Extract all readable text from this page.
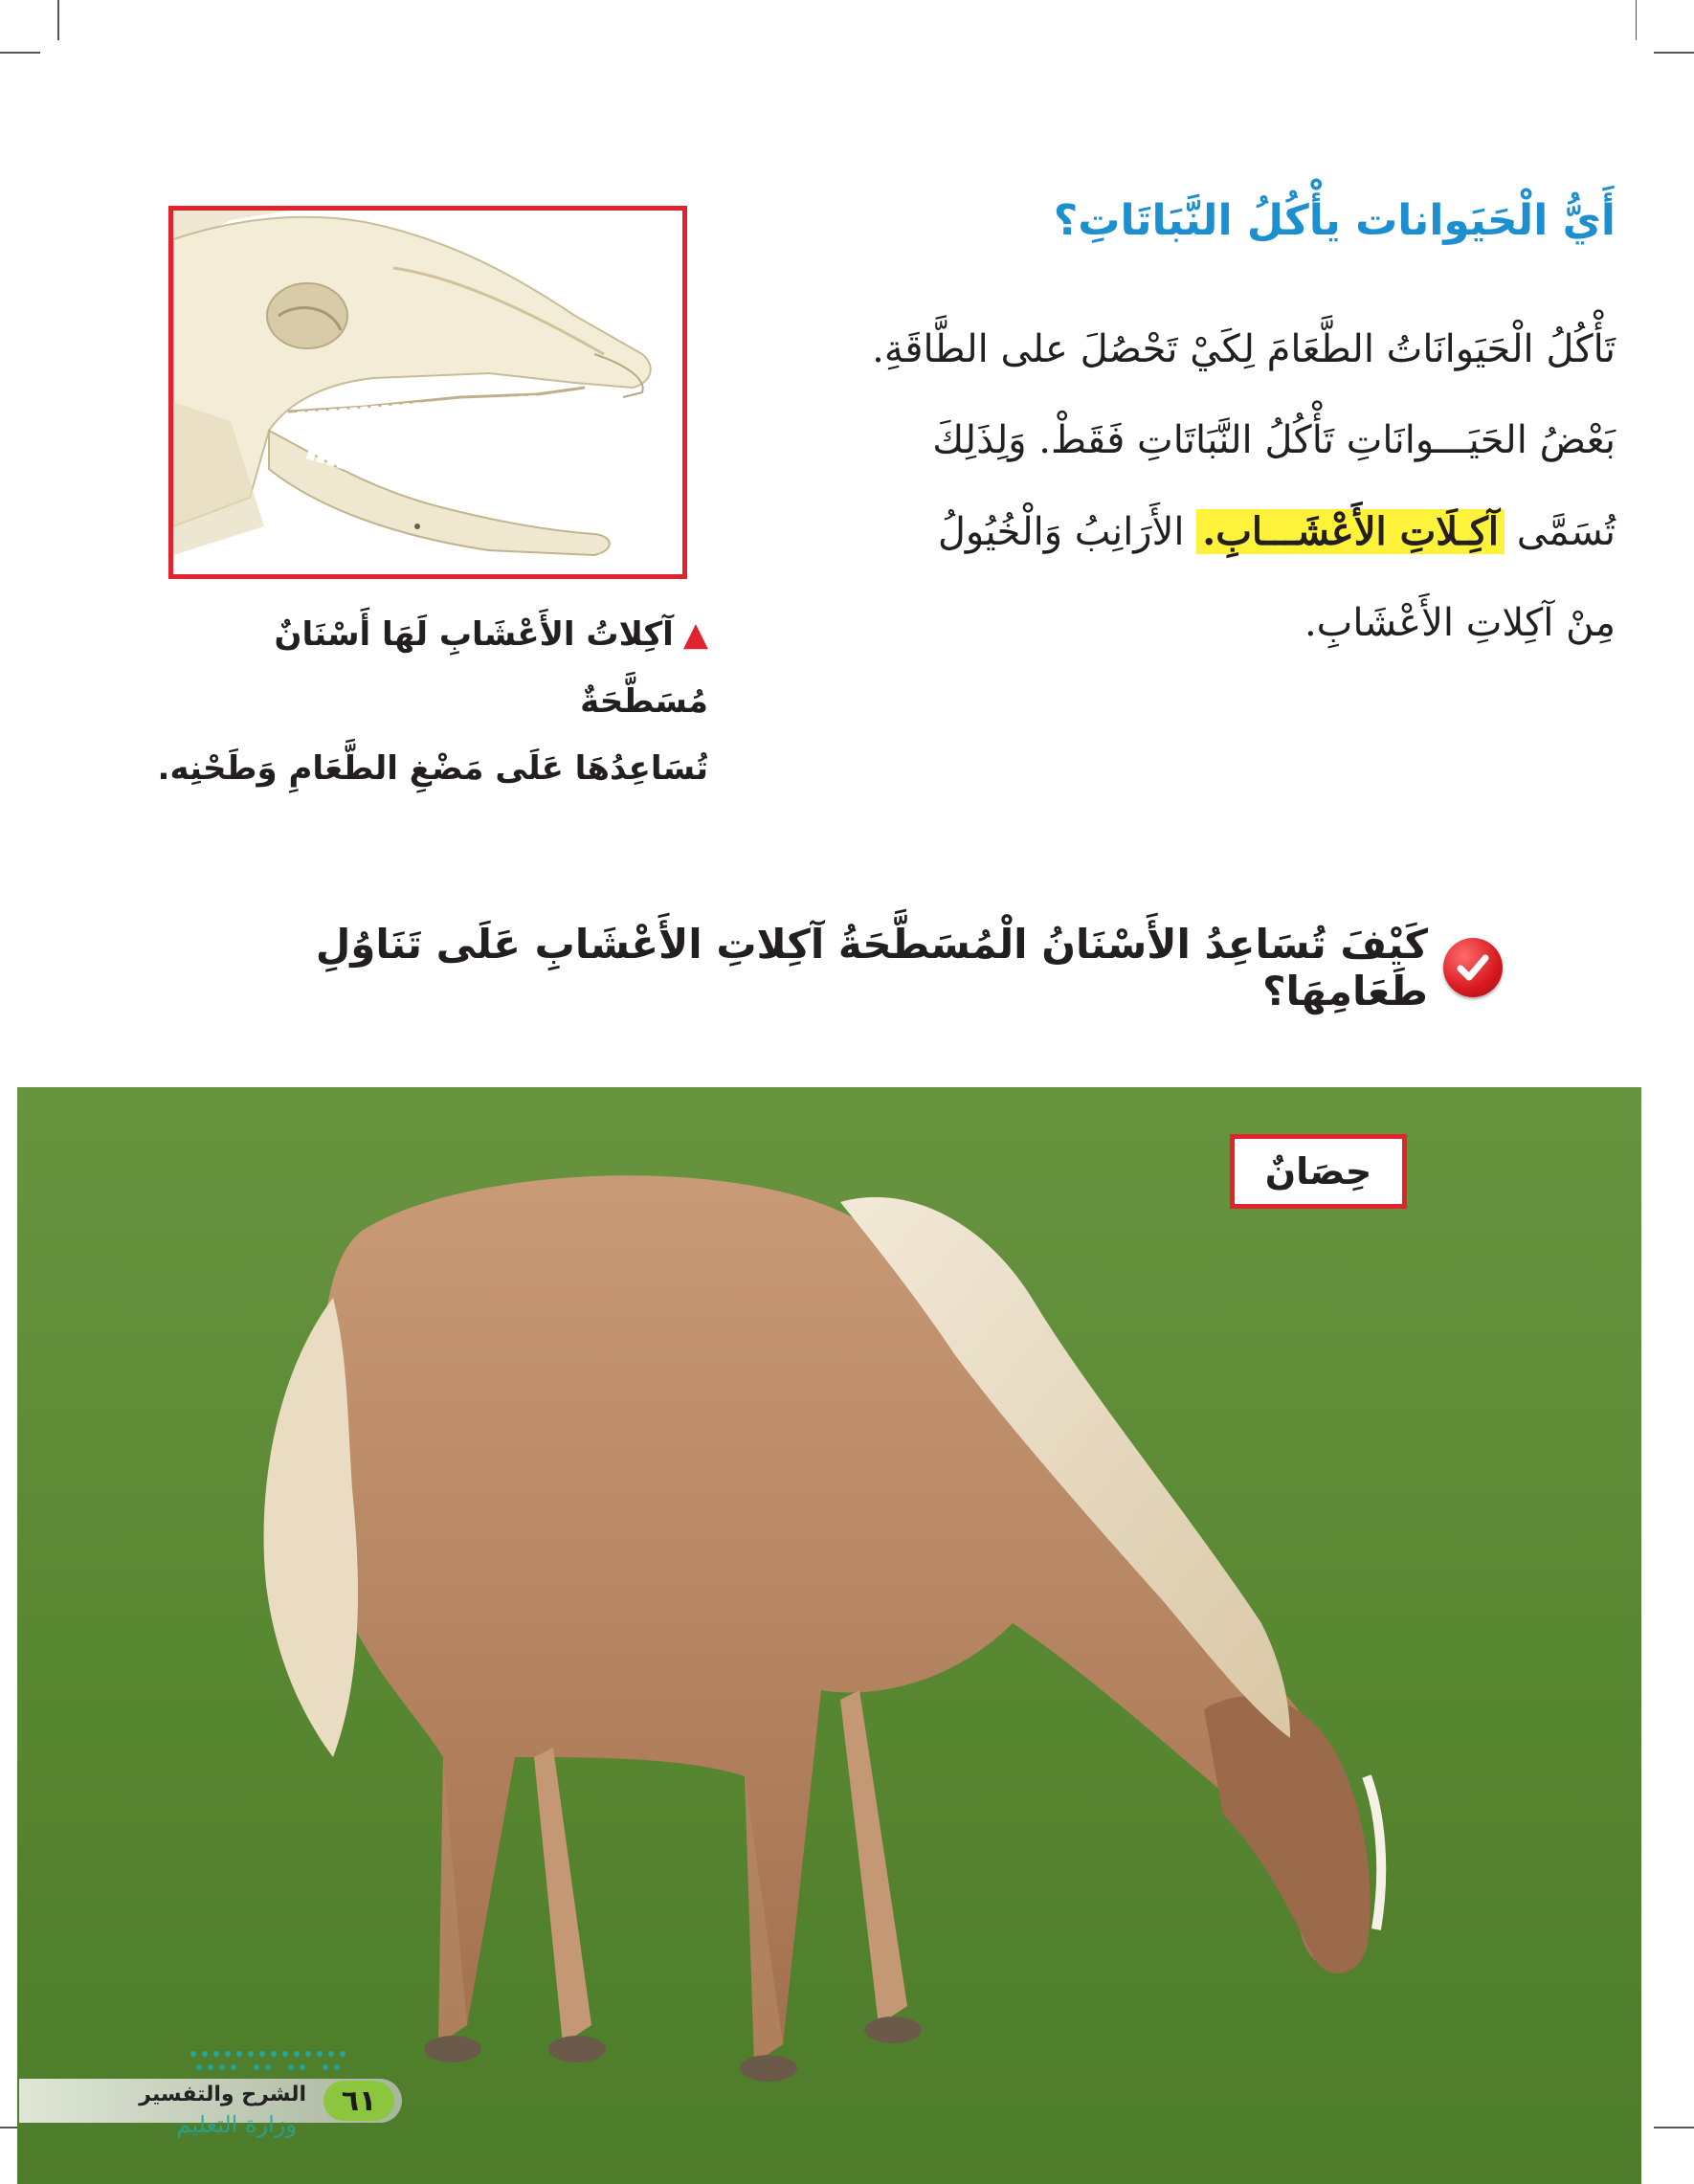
أَيُّ الْحَيَوانات يأْكُلُ النَّبَاتَاتِ؟
تَأْكُلُ الْحَيَوانَاتُ الطَّعَامَ لِكَيْ تَحْصُلَ على الطَّاقَةِ.
بَعْضُ الحَيَـــوانَاتِ تَأْكُلُ النَّبَاتَاتِ فَقَطْ. وَلِذَلِكَ
تُسَمَّى آكِـلَاتِ الأَعْشَـــابِ. الأَرَانِبُ وَالْخُيُولُ
مِنْ آكِلاتِ الأَعْشَابِ.
▲آكِلاتُ الأَعْشَابِ لَهَا أَسْنَانٌ مُسَطَّحَةٌ
تُسَاعِدُهَا عَلَى مَضْغِ الطَّعَامِ وَطَحْنِه.

كَيْفَ تُسَاعِدُ الأَسْنَانُ الْمُسَطَّحَةُ آكِلاتِ الأَعْشَابِ عَلَى تَنَاوُلِ طَعَامِهَا؟

حِصَانٌ
الشرح والتفسير	٦١
وزارة التعليم
